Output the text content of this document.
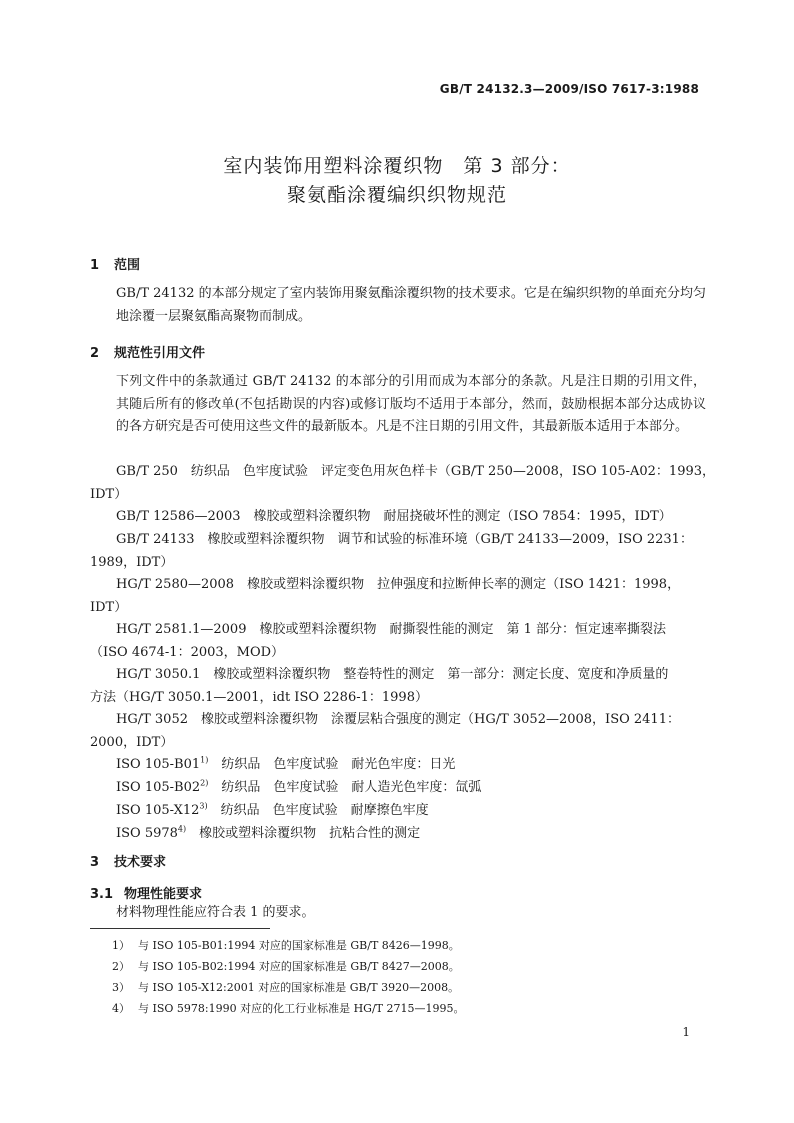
GB/T 24132.3—2009/ISO 7617-3:1988
室内装饰用塑料涂覆织物　第 3 部分：
聚氨酯涂覆编织织物规范
1 范围
GB/T 24132 的本部分规定了室内装饰用聚氨酯涂覆织物的技术要求。它是在编织织物的单面充分均匀地涂覆一层聚氨酯高聚物而制成。
2 规范性引用文件
下列文件中的条款通过 GB/T 24132 的本部分的引用而成为本部分的条款。凡是注日期的引用文件，其随后所有的修改单(不包括勘误的内容)或修订版均不适用于本部分，然而，鼓励根据本部分达成协议的各方研究是否可使用这些文件的最新版本。凡是不注日期的引用文件，其最新版本适用于本部分。
GB/T 250　纺织品　色牢度试验　评定变色用灰色样卡（GB/T 250—2008，ISO 105-A02：1993，
IDT）
GB/T 12586—2003　橡胶或塑料涂覆织物　耐屈挠破坏性的测定（ISO 7854：1995，IDT）
GB/T 24133　橡胶或塑料涂覆织物　调节和试验的标准环境（GB/T 24133—2009，ISO 2231：
1989，IDT）
HG/T 2580—2008　橡胶或塑料涂覆织物　拉伸强度和拉断伸长率的测定（ISO 1421：1998，
IDT）
HG/T 2581.1—2009　橡胶或塑料涂覆织物　耐撕裂性能的测定　第 1 部分：恒定速率撕裂法
（ISO 4674-1：2003，MOD）
HG/T 3050.1　橡胶或塑料涂覆织物　整卷特性的测定　第一部分：测定长度、宽度和净质量的
方法（HG/T 3050.1—2001，idt ISO 2286-1：1998）
HG/T 3052　橡胶或塑料涂覆织物　涂覆层粘合强度的测定（HG/T 3052—2008，ISO 2411：
2000，IDT）
ISO 105-B01$^{1)}$　纺织品　色牢度试验　耐光色牢度：日光
ISO 105-B02$^{2)}$　纺织品　色牢度试验　耐人造光色牢度：氙弧
ISO 105-X12$^{3)}$　纺织品　色牢度试验　耐摩擦色牢度
ISO 5978$^{4)}$　橡胶或塑料涂覆织物　抗粘合性的测定
3 技术要求
3.1 物理性能要求
材料物理性能应符合表 1 的要求。
1） 与 ISO 105-B01:1994 对应的国家标准是 GB/T 8426—1998。
2） 与 ISO 105-B02:1994 对应的国家标准是 GB/T 8427—2008。
3） 与 ISO 105-X12:2001 对应的国家标准是 GB/T 3920—2008。
4） 与 ISO 5978:1990 对应的化工行业标准是 HG/T 2715—1995。
1
